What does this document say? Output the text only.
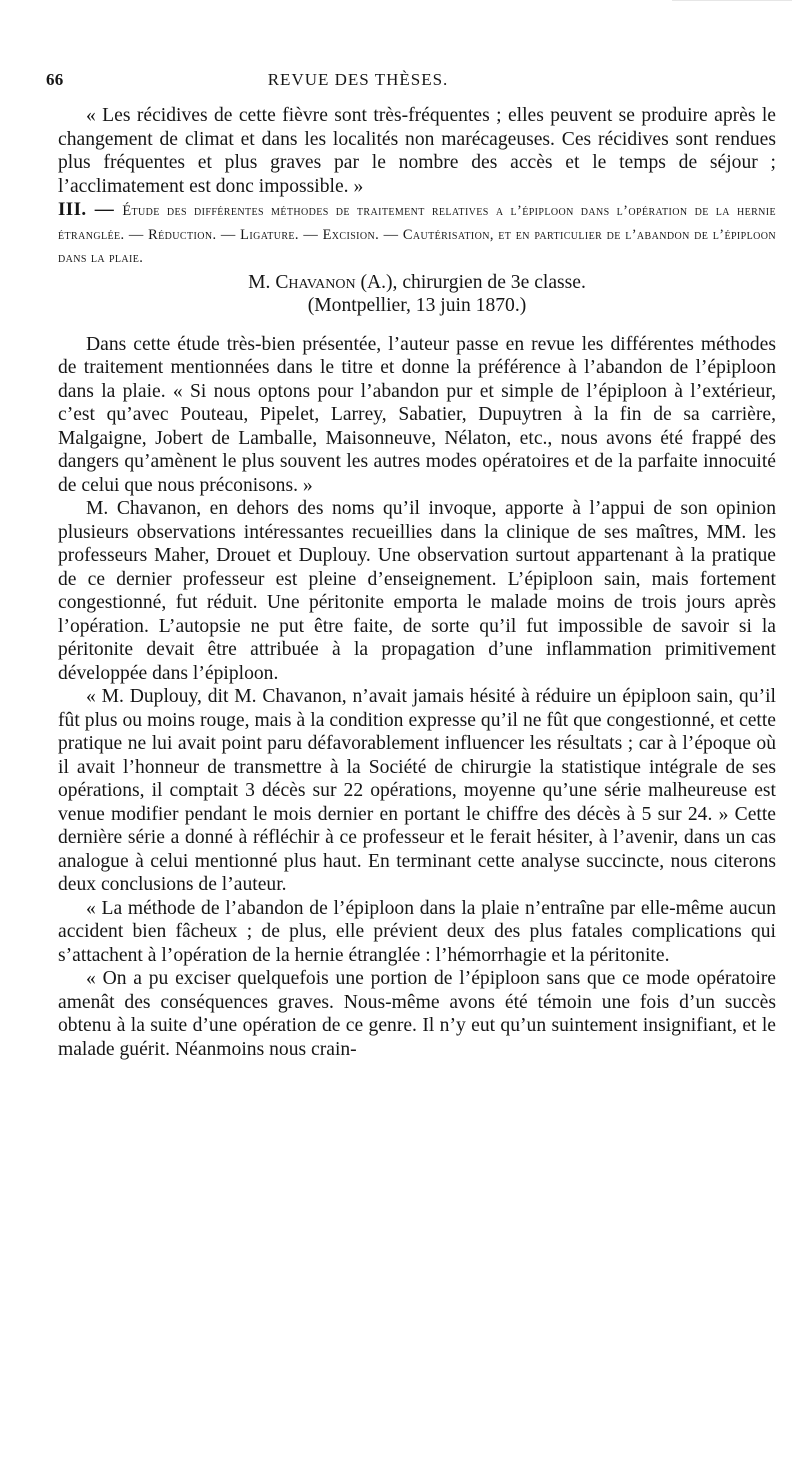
66	REVUE DES THÈSES.

« Les récidives de cette fièvre sont très-fréquentes ; elles peuvent se produire après le changement de climat et dans les localités non marécageuses. Ces récidives sont rendues plus fréquentes et plus graves par le nombre des accès et le temps de séjour ; l’acclimatement est donc impossible. »

III. — Étude des différentes méthodes de traitement relatives a l’épiploon dans l’opération de la hernie étranglée. — Réduction. — Ligature. — Excision. — Cautérisation, et en particulier de l’abandon de l’épiploon dans la plaie.

M. Chavanon (A.), chirurgien de 3e classe.

(Montpellier, 13 juin 1870.)

Dans cette étude très-bien présentée, l’auteur passe en revue les différentes méthodes de traitement mentionnées dans le titre et donne la préférence à l’abandon de l’épiploon dans la plaie. « Si nous optons pour l’abandon pur et simple de l’épiploon à l’extérieur, c’est qu’avec Pouteau, Pipelet, Larrey, Sabatier, Dupuytren à la fin de sa carrière, Malgaigne, Jobert de Lamballe, Maisonneuve, Nélaton, etc., nous avons été frappé des dangers qu’amènent le plus souvent les autres modes opératoires et de la parfaite innocuité de celui que nous préconisons. »

M. Chavanon, en dehors des noms qu’il invoque, apporte à l’appui de son opinion plusieurs observations intéressantes recueillies dans la clinique de ses maîtres, MM. les professeurs Maher, Drouet et Duplouy. Une observation surtout appartenant à la pratique de ce dernier professeur est pleine d’enseignement. L’épiploon sain, mais fortement congestionné, fut réduit. Une péritonite emporta le malade moins de trois jours après l’opération. L’autopsie ne put être faite, de sorte qu’il fut impossible de savoir si la péritonite devait être attribuée à la propagation d’une inflammation primitivement développée dans l’épiploon.

« M. Duplouy, dit M. Chavanon, n’avait jamais hésité à réduire un épiploon sain, qu’il fût plus ou moins rouge, mais à la condition expresse qu’il ne fût que congestionné, et cette pratique ne lui avait point paru défavorablement influencer les résultats ; car à l’époque où il avait l’honneur de transmettre à la Société de chirurgie la statistique intégrale de ses opérations, il comptait 3 décès sur 22 opérations, moyenne qu’une série malheureuse est venue modifier pendant le mois dernier en portant le chiffre des décès à 5 sur 24. » Cette dernière série a donné à réfléchir à ce professeur et le ferait hésiter, à l’avenir, dans un cas analogue à celui mentionné plus haut. En terminant cette analyse succincte, nous citerons deux conclusions de l’auteur.

« La méthode de l’abandon de l’épiploon dans la plaie n’entraîne par elle-même aucun accident bien fâcheux ; de plus, elle prévient deux des plus fatales complications qui s’attachent à l’opération de la hernie étranglée : l’hémorrhagie et la péritonite.

« On a pu exciser quelquefois une portion de l’épiploon sans que ce mode opératoire amenât des conséquences graves. Nous-même avons été témoin une fois d’un succès obtenu à la suite d’une opération de ce genre. Il n’y eut qu’un suintement insignifiant, et le malade guérit. Néanmoins nous crain-
